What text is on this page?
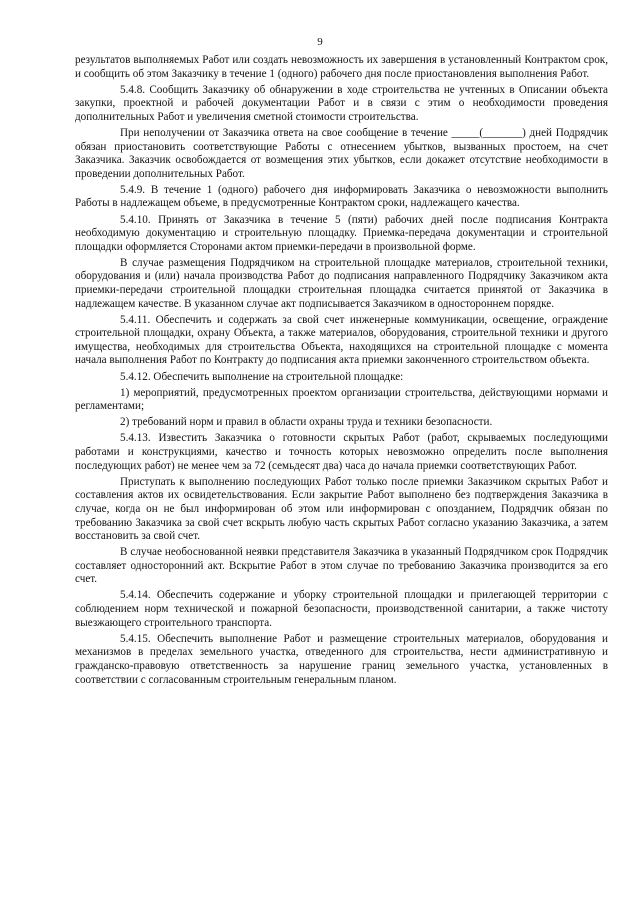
9

результатов выполняемых Работ или создать невозможность их завершения в установленный Контрактом срок, и сообщить об этом Заказчику в течение 1 (одного) рабочего дня после приостановления выполнения Работ.

5.4.8. Сообщить Заказчику об обнаружении в ходе строительства не учтенных в Описании объекта закупки, проектной и рабочей документации Работ и в связи с этим о необходимости проведения дополнительных Работ и увеличения сметной стоимости строительства.

При неполучении от Заказчика ответа на свое сообщение в течение _____(_______) дней Подрядчик обязан приостановить соответствующие Работы с отнесением убытков, вызванных простоем, на счет Заказчика. Заказчик освобождается от возмещения этих убытков, если докажет отсутствие необходимости в проведении дополнительных Работ.

5.4.9. В течение 1 (одного) рабочего дня информировать Заказчика о невозможности выполнить Работы в надлежащем объеме, в предусмотренные Контрактом сроки, надлежащего качества.

5.4.10. Принять от Заказчика в течение 5 (пяти) рабочих дней после подписания Контракта необходимую документацию и строительную площадку. Приемка-передача документации и строительной площадки оформляется Сторонами актом приемки-передачи в произвольной форме.

В случае размещения Подрядчиком на строительной площадке материалов, строительной техники, оборудования и (или) начала производства Работ до подписания направленного Подрядчику Заказчиком акта приемки-передачи строительной площадки строительная площадка считается принятой от Заказчика в надлежащем качестве. В указанном случае акт подписывается Заказчиком в одностороннем порядке.

5.4.11. Обеспечить и содержать за свой счет инженерные коммуникации, освещение, ограждение строительной площадки, охрану Объекта, а также материалов, оборудования, строительной техники и другого имущества, необходимых для строительства Объекта, находящихся на строительной площадке с момента начала выполнения Работ по Контракту до подписания акта приемки законченного строительством объекта.

5.4.12. Обеспечить выполнение на строительной площадке:

1) мероприятий, предусмотренных проектом организации строительства, действующими нормами и регламентами;

2) требований норм и правил в области охраны труда и техники безопасности.

5.4.13. Известить Заказчика о готовности скрытых Работ (работ, скрываемых последующими работами и конструкциями, качество и точность которых невозможно определить после выполнения последующих работ) не менее чем за 72 (семьдесят два) часа до начала приемки соответствующих Работ.

Приступать к выполнению последующих Работ только после приемки Заказчиком скрытых Работ и составления актов их освидетельствования. Если закрытие Работ выполнено без подтверждения Заказчика в случае, когда он не был информирован об этом или информирован с опозданием, Подрядчик обязан по требованию Заказчика за свой счет вскрыть любую часть скрытых Работ согласно указанию Заказчика, а затем восстановить за свой счет.

В случае необоснованной неявки представителя Заказчика в указанный Подрядчиком срок Подрядчик составляет односторонний акт. Вскрытие Работ в этом случае по требованию Заказчика производится за его счет.

5.4.14. Обеспечить содержание и уборку строительной площадки и прилегающей территории с соблюдением норм технической и пожарной безопасности, производственной санитарии, а также чистоту выезжающего строительного транспорта.

5.4.15. Обеспечить выполнение Работ и размещение строительных материалов, оборудования и механизмов в пределах земельного участка, отведенного для строительства, нести административную и гражданско-правовую ответственность за нарушение границ земельного участка, установленных в соответствии с согласованным строительным генеральным планом.
